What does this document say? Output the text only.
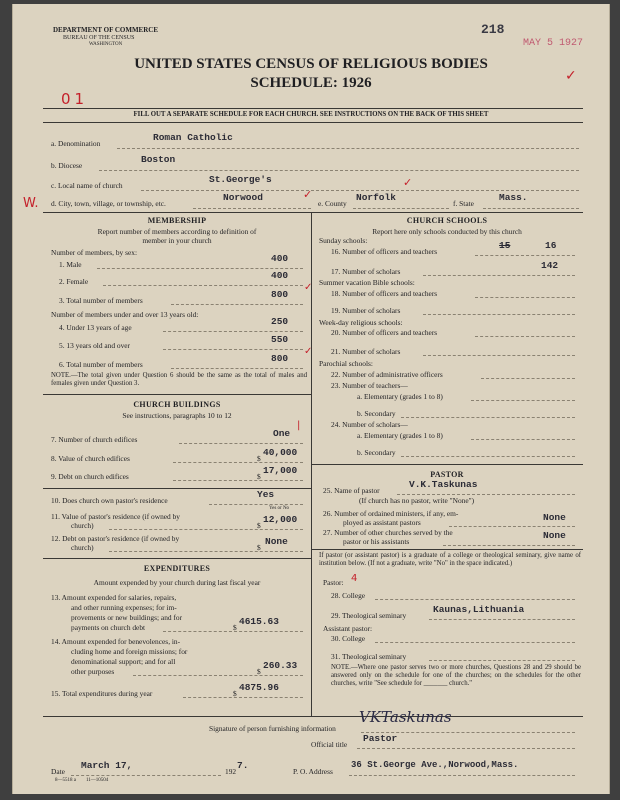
DEPARTMENT OF COMMERCE
BUREAU OF THE CENSUS
WASHINGTON
218
MAY 5 1927
UNITED STATES CENSUS OF RELIGIOUS BODIES
SCHEDULE: 1926
01
✓
FILL OUT A SEPARATE SCHEDULE FOR EACH CHURCH. SEE INSTRUCTIONS ON THE BACK OF THIS SHEET
a. Denomination
Roman Catholic
b. Diocese
Boston
c. Local name of church
St.George's
W. d. City, town, village, or township, etc.
Norwood	✓
e. County
Norfolk
✓
f. State
Mass.
MEMBERSHIP
Report number of members according to definition of
member in your church
Number of members, by sex:
1. Male
400
2. Female
400
3. Total number of members
800
✓
Number of members under and over 13 years old:
4. Under 13 years of age
250
5. 13 years old and over
550
6. Total number of members
800
✓
NOTE.—The total given under Question 6 should be the same as the total of males and females given under Question 3.
CHURCH BUILDINGS
See instructions, paragraphs 10 to 12
7. Number of church edifices
One
|
8. Value of church edifices	$
40,000
9. Debt on church edifices	$
17,000
10. Does church own pastor's residence
Yes
Yes or No
11. Value of pastor's residence (if owned by
church)	$
12,000
12. Debt on pastor's residence (if owned by
church)	$
None
EXPENDITURES
Amount expended by your church during last fiscal year
13. Amount expended for salaries, repairs,
and other running expenses; for im-
provements or new buildings; and for
payments on church debt	$
4615.63
14. Amount expended for benevolences, in-
cluding home and foreign missions; for
denominational support; and for all
other purposes	$
260.33
15. Total expenditures during year	$
4875.96
CHURCH SCHOOLS
Report here only schools conducted by this church
Sunday schools:
16. Number of officers and teachers
15	16
17. Number of scholars
142
Summer vacation Bible schools:
18. Number of officers and teachers
19. Number of scholars
Week-day religious schools:
20. Number of officers and teachers
21. Number of scholars
Parochial schools:
22. Number of administrative officers
23. Number of teachers—
a. Elementary (grades 1 to 8)
b. Secondary
24. Number of scholars—
a. Elementary (grades 1 to 8)
b. Secondary
PASTOR
25. Name of pastor
V.K.Taskunas
(If church has no pastor, write "None")
26. Number of ordained ministers, if any, em-
ployed as assistant pastors	None
27. Number of other churches served by the
pastor or his assistants
None
If pastor (or assistant pastor) is a graduate of a college or theological seminary, give name of institution below. (If not a graduate, write "No" in the space indicated.)
Pastor: 4
28. College
29. Theological seminary
Kaunas,Lithuania
Assistant pastor:
30. College
31. Theological seminary
NOTE.—Where one pastor serves two or more churches, Questions 28 and 29 should be answered only on the schedule for one of the churches; on the schedules for the other churches, write "See schedule for _______ church."
Signature of person furnishing information
VKTaskunas
Official title
Pastor
Date
March 17,
192
7.
P. O. Address
36 St.George Ave.,Norwood,Mass.
8—5518 a        11—10504
